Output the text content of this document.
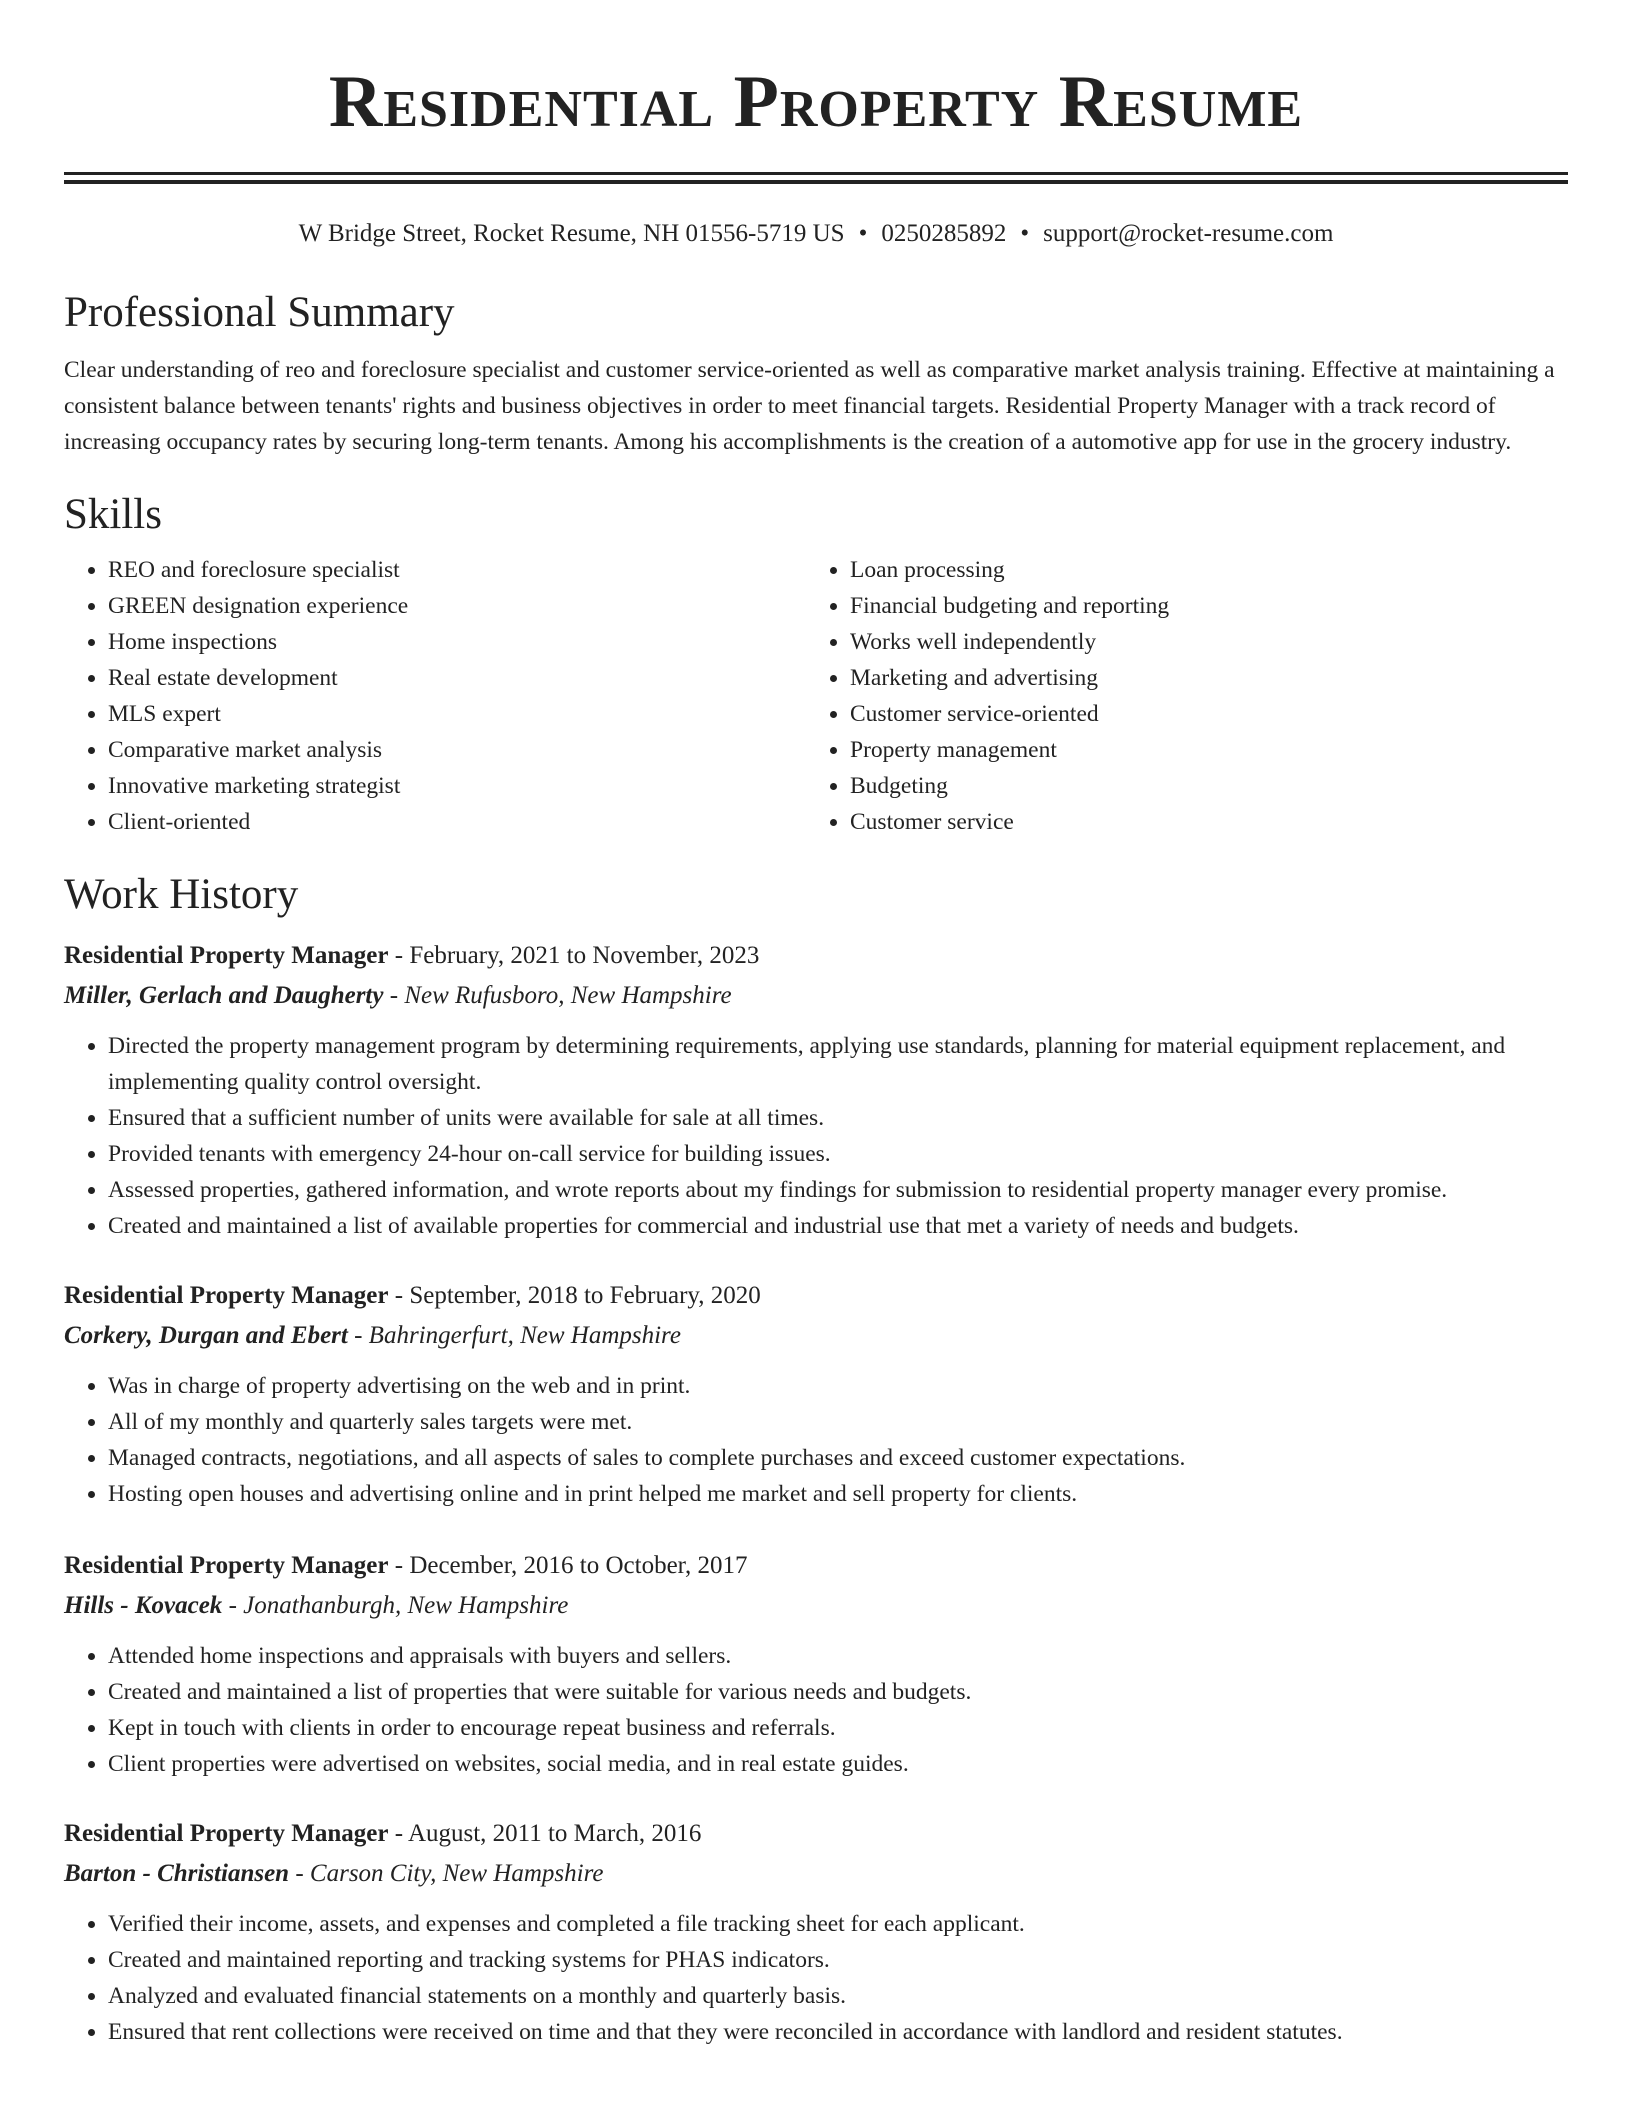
Residential Property Resume
W Bridge Street, Rocket Resume, NH 01556-5719 US • 0250285892 • support@rocket-resume.com
Professional Summary
Clear understanding of reo and foreclosure specialist and customer service-oriented as well as comparative market analysis training. Effective at maintaining a consistent balance between tenants' rights and business objectives in order to meet financial targets. Residential Property Manager with a track record of increasing occupancy rates by securing long-term tenants. Among his accomplishments is the creation of a automotive app for use in the grocery industry.
Skills
• REO and foreclosure specialist
• GREEN designation experience
• Home inspections
• Real estate development
• MLS expert
• Comparative market analysis
• Innovative marketing strategist
• Client-oriented
• Loan processing
• Financial budgeting and reporting
• Works well independently
• Marketing and advertising
• Customer service-oriented
• Property management
• Budgeting
• Customer service
Work History
Residential Property Manager - February, 2021 to November, 2023
Miller, Gerlach and Daugherty - New Rufusboro, New Hampshire
• Directed the property management program by determining requirements, applying use standards, planning for material equipment replacement, and implementing quality control oversight.
• Ensured that a sufficient number of units were available for sale at all times.
• Provided tenants with emergency 24-hour on-call service for building issues.
• Assessed properties, gathered information, and wrote reports about my findings for submission to residential property manager every promise.
• Created and maintained a list of available properties for commercial and industrial use that met a variety of needs and budgets.
Residential Property Manager - September, 2018 to February, 2020
Corkery, Durgan and Ebert - Bahringerfurt, New Hampshire
• Was in charge of property advertising on the web and in print.
• All of my monthly and quarterly sales targets were met.
• Managed contracts, negotiations, and all aspects of sales to complete purchases and exceed customer expectations.
• Hosting open houses and advertising online and in print helped me market and sell property for clients.
Residential Property Manager - December, 2016 to October, 2017
Hills - Kovacek - Jonathanburgh, New Hampshire
• Attended home inspections and appraisals with buyers and sellers.
• Created and maintained a list of properties that were suitable for various needs and budgets.
• Kept in touch with clients in order to encourage repeat business and referrals.
• Client properties were advertised on websites, social media, and in real estate guides.
Residential Property Manager - August, 2011 to March, 2016
Barton - Christiansen - Carson City, New Hampshire
• Verified their income, assets, and expenses and completed a file tracking sheet for each applicant.
• Created and maintained reporting and tracking systems for PHAS indicators.
• Analyzed and evaluated financial statements on a monthly and quarterly basis.
• Ensured that rent collections were received on time and that they were reconciled in accordance with landlord and resident statutes.
